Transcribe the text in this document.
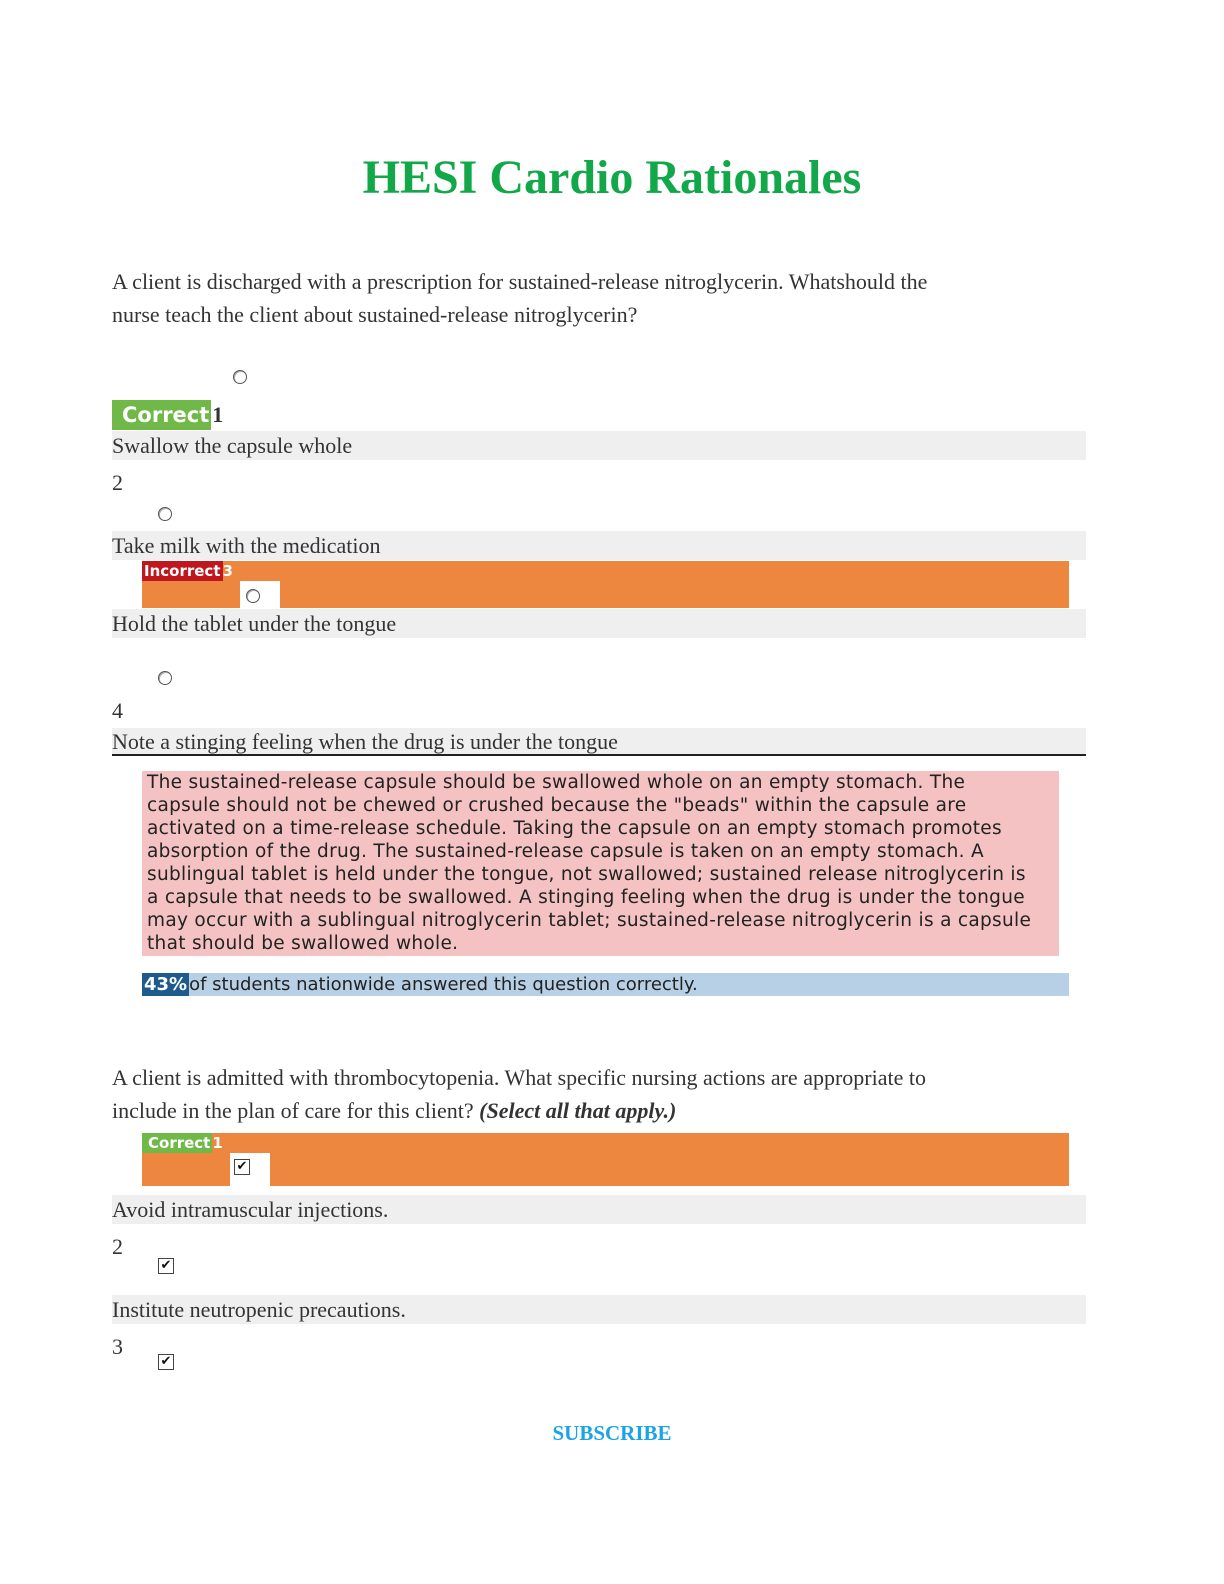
HESI Cardio Rationales
A client is discharged with a prescription for sustained-release nitroglycerin. Whatshould the
nurse teach the client about sustained-release nitroglycerin?
Correct 1
Swallow the capsule whole
2
Take milk with the medication
Incorrect 3
Hold the tablet under the tongue
4
Note a stinging feeling when the drug is under the tongue
The sustained-release capsule should be swallowed whole on an empty stomach. The
capsule should not be chewed or crushed because the "beads" within the capsule are
activated on a time-release schedule. Taking the capsule on an empty stomach promotes
absorption of the drug. The sustained-release capsule is taken on an empty stomach. A
sublingual tablet is held under the tongue, not swallowed; sustained release nitroglycerin is
a capsule that needs to be swallowed. A stinging feeling when the drug is under the tongue
may occur with a sublingual nitroglycerin tablet; sustained-release nitroglycerin is a capsule
that should be swallowed whole.
43% of students nationwide answered this question correctly.
A client is admitted with thrombocytopenia. What specific nursing actions are appropriate to
include in the plan of care for this client? (Select all that apply.)
Correct 1
✔
Avoid intramuscular injections.
2
✔
Institute neutropenic precautions.
3
✔
SUBSCRIBE
